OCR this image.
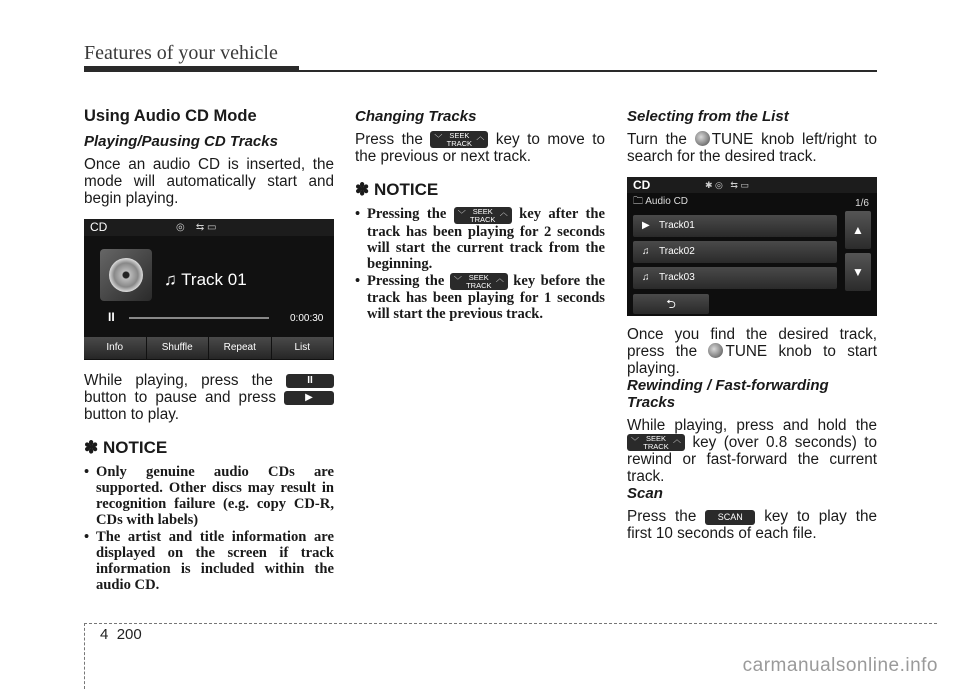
Features of your vehicle
Using Audio CD Mode
Playing/Pausing CD Tracks

Once an audio CD is inserted, the mode will automatically start and begin playing.

CD	◎    ⇆ ▭
♫ Track 01
II	0:00:30
Info	Shuffle	Repeat	List

While playing, press the	II button to pause and press	▶ button to play.

✽ NOTICE
• Only genuine audio CDs are supported. Other discs may result in recognition failure (e.g. copy CD-R, CDs with labels)
• The artist and title information are displayed on the screen if track information is included within the audio CD.
Changing Tracks

Press the ﹀ SEEK
TRACK
︿ key to move to the previous or next track.

✽ NOTICE
• Pressing the ﹀ SEEK
TRACK
︿ key after the track has been playing for 2 seconds will start the current track from the beginning.
• Pressing the ﹀ SEEK
TRACK
︿ key before the track has been playing for 1 seconds will start the previous track.
Selecting from the List

Turn the TUNE knob left/right to search for the desired track.

CD	✱ ◎   ⇆ ▭
🗀 Audio CD	1/6
▶ Track01
♫ Track02
♫ Track03
▲
▼
⮌

Once you find the desired track, press the TUNE knob to start playing.

Rewinding / Fast-forwarding Tracks

While playing, press and hold the
﹀ SEEK
TRACK
︿ key (over 0.8 seconds) to rewind or fast-forward the current track.

Scan

Press the SCAN key to play the first 10 seconds of each file.

4 200
carmanualsonline.info
